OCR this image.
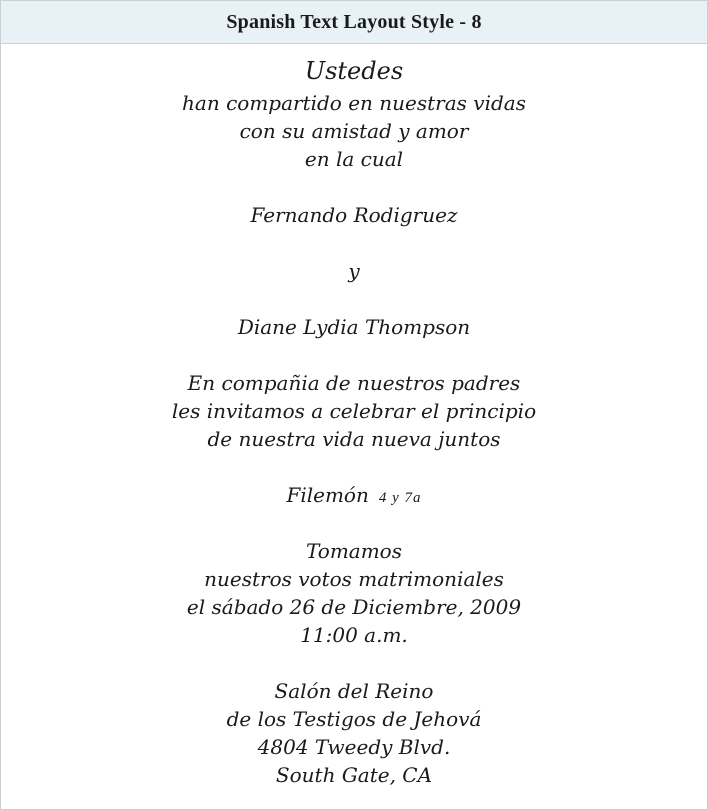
Spanish Text Layout Style - 8
Ustedes
han compartido en nuestras vidas
con su amistad y amor
en la cual
Fernando Rodigruez
y
Diane Lydia Thompson
En compañia de nuestros padres
les invitamos a celebrar el principio
de nuestra vida nueva juntos
Filemón 4 y 7a
Tomamos
nuestros votos matrimoniales
el sábado 26 de Diciembre, 2009
11:00 a.m.
Salón del Reino
de los Testigos de Jehová
4804 Tweedy Blvd.
South Gate, CA
